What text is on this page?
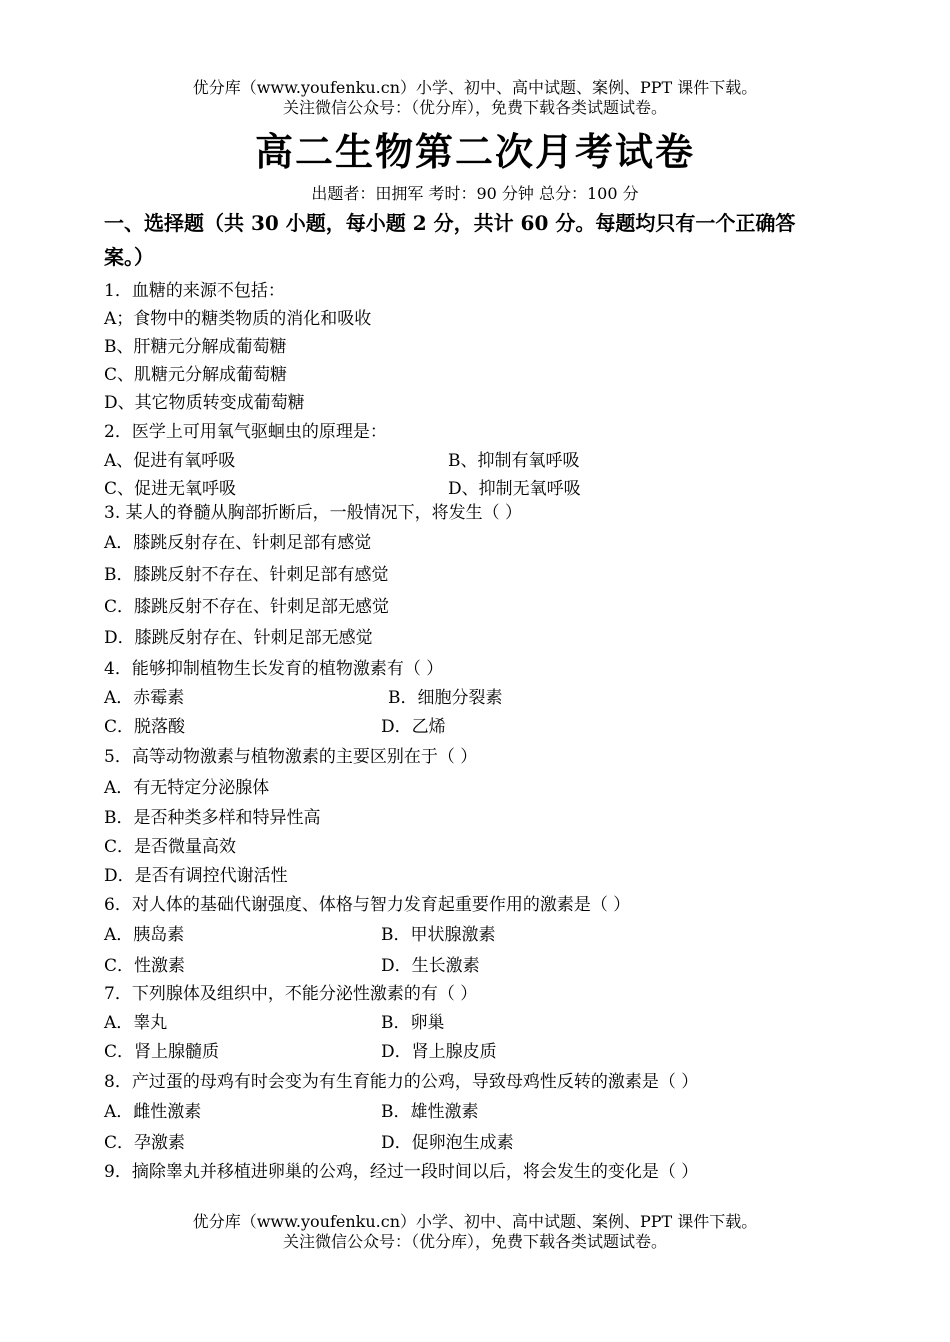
优分库（www.youfenku.cn）小学、初中、高中试题、案例、PPT 课件下载。
关注微信公众号：（优分库），免费下载各类试题试卷。
高二生物第二次月考试卷
出题者：田拥军 考时：90 分钟 总分：100 分
一、选择题（共 30 小题，每小题 2 分，共计 60 分。每题均只有一个正确答案。）
1．血糖的来源不包括：
A；食物中的糖类物质的消化和吸收
B、肝糖元分解成葡萄糖
C、肌糖元分解成葡萄糖
D、其它物质转变成葡萄糖
2．医学上可用氧气驱蛔虫的原理是：
A、促进有氧呼吸	B、抑制有氧呼吸
C、促进无氧呼吸	D、抑制无氧呼吸
3. 某人的脊髓从胸部折断后，一般情况下，将发生（ ）
A．膝跳反射存在、针刺足部有感觉
B．膝跳反射不存在、针刺足部有感觉
C．膝跳反射不存在、针刺足部无感觉
D．膝跳反射存在、针刺足部无感觉
4．能够抑制植物生长发育的植物激素有（ ）
A．赤霉素	B．细胞分裂素
C．脱落酸	D．乙烯
5．高等动物激素与植物激素的主要区别在于（ ）
A．有无特定分泌腺体
B．是否种类多样和特异性高
C．是否微量高效
D．是否有调控代谢活性
6．对人体的基础代谢强度、体格与智力发育起重要作用的激素是（ ）
A．胰岛素	B．甲状腺激素
C．性激素	D．生长激素
7．下列腺体及组织中，不能分泌性激素的有（ ）
A．睾丸	B．卵巢
C．肾上腺髓质	D．肾上腺皮质
8．产过蛋的母鸡有时会变为有生育能力的公鸡，导致母鸡性反转的激素是（ ）
A．雌性激素	B．雄性激素
C．孕激素	D．促卵泡生成素
9．摘除睾丸并移植进卵巢的公鸡，经过一段时间以后，将会发生的变化是（ ）
优分库（www.youfenku.cn）小学、初中、高中试题、案例、PPT 课件下载。
关注微信公众号：（优分库），免费下载各类试题试卷。
